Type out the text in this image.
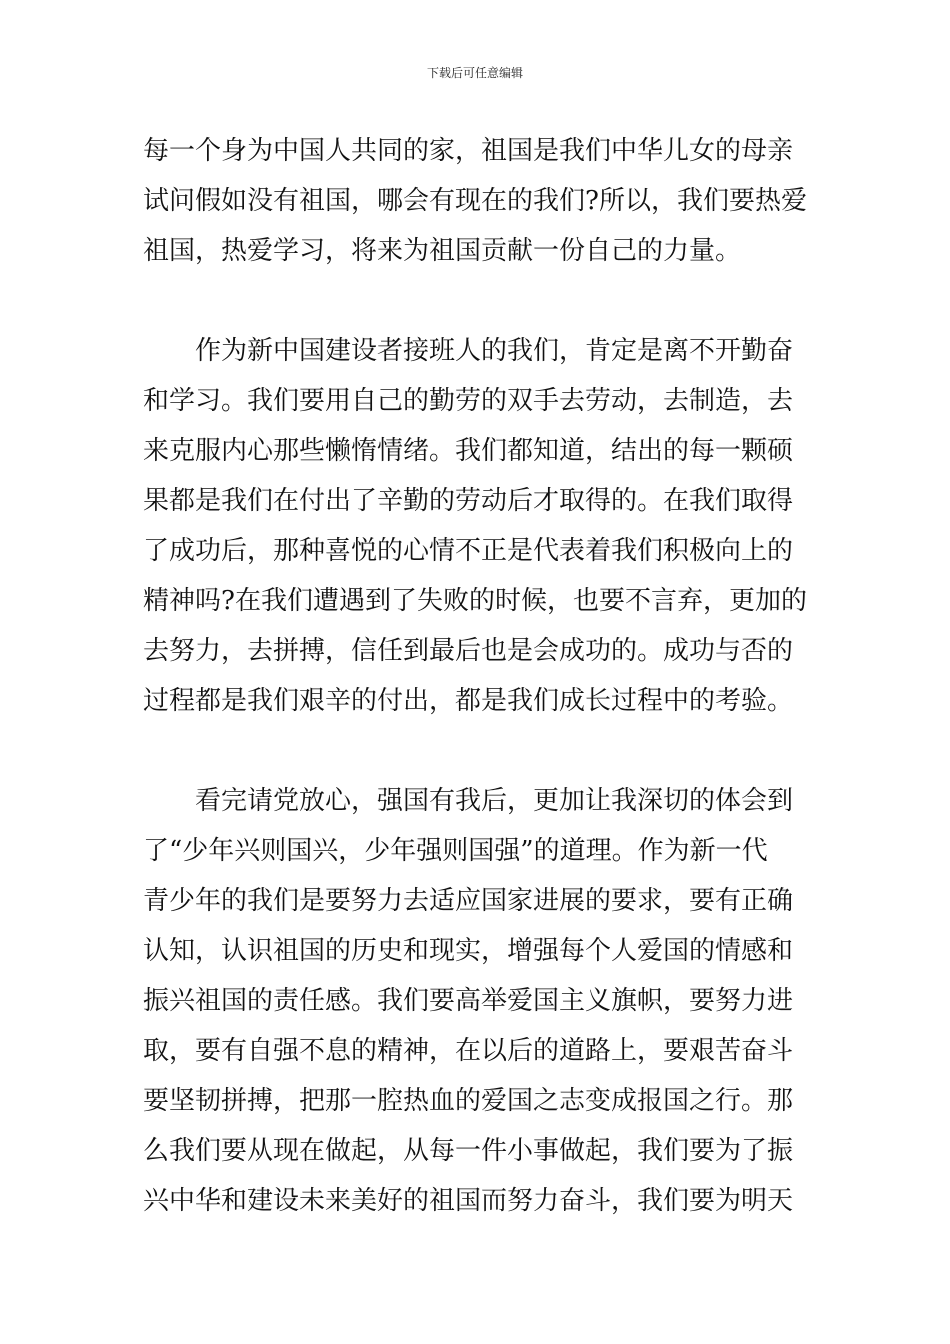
下载后可任意编辑
每一个身为中国人共同的家，祖国是我们中华儿女的母亲
试问假如没有祖国，哪会有现在的我们?所以，我们要热爱
祖国，热爱学习，将来为祖国贡献一份自己的力量。
作为新中国建设者接班人的我们，肯定是离不开勤奋
和学习。我们要用自己的勤劳的双手去劳动，去制造，去
来克服内心那些懒惰情绪。我们都知道，结出的每一颗硕
果都是我们在付出了辛勤的劳动后才取得的。在我们取得
了成功后，那种喜悦的心情不正是代表着我们积极向上的
精神吗?在我们遭遇到了失败的时候，也要不言弃，更加的
去努力，去拼搏，信任到最后也是会成功的。成功与否的
过程都是我们艰辛的付出，都是我们成长过程中的考验。
看完请党放心，强国有我后，更加让我深切的体会到
了“少年兴则国兴，少年强则国强”的道理。作为新一代
青少年的我们是要努力去适应国家进展的要求，要有正确
认知，认识祖国的历史和现实，增强每个人爱国的情感和
振兴祖国的责任感。我们要高举爱国主义旗帜，要努力进
取，要有自强不息的精神，在以后的道路上，要艰苦奋斗
要坚韧拼搏，把那一腔热血的爱国之志变成报国之行。那
么我们要从现在做起，从每一件小事做起，我们要为了振
兴中华和建设未来美好的祖国而努力奋斗，我们要为明天
